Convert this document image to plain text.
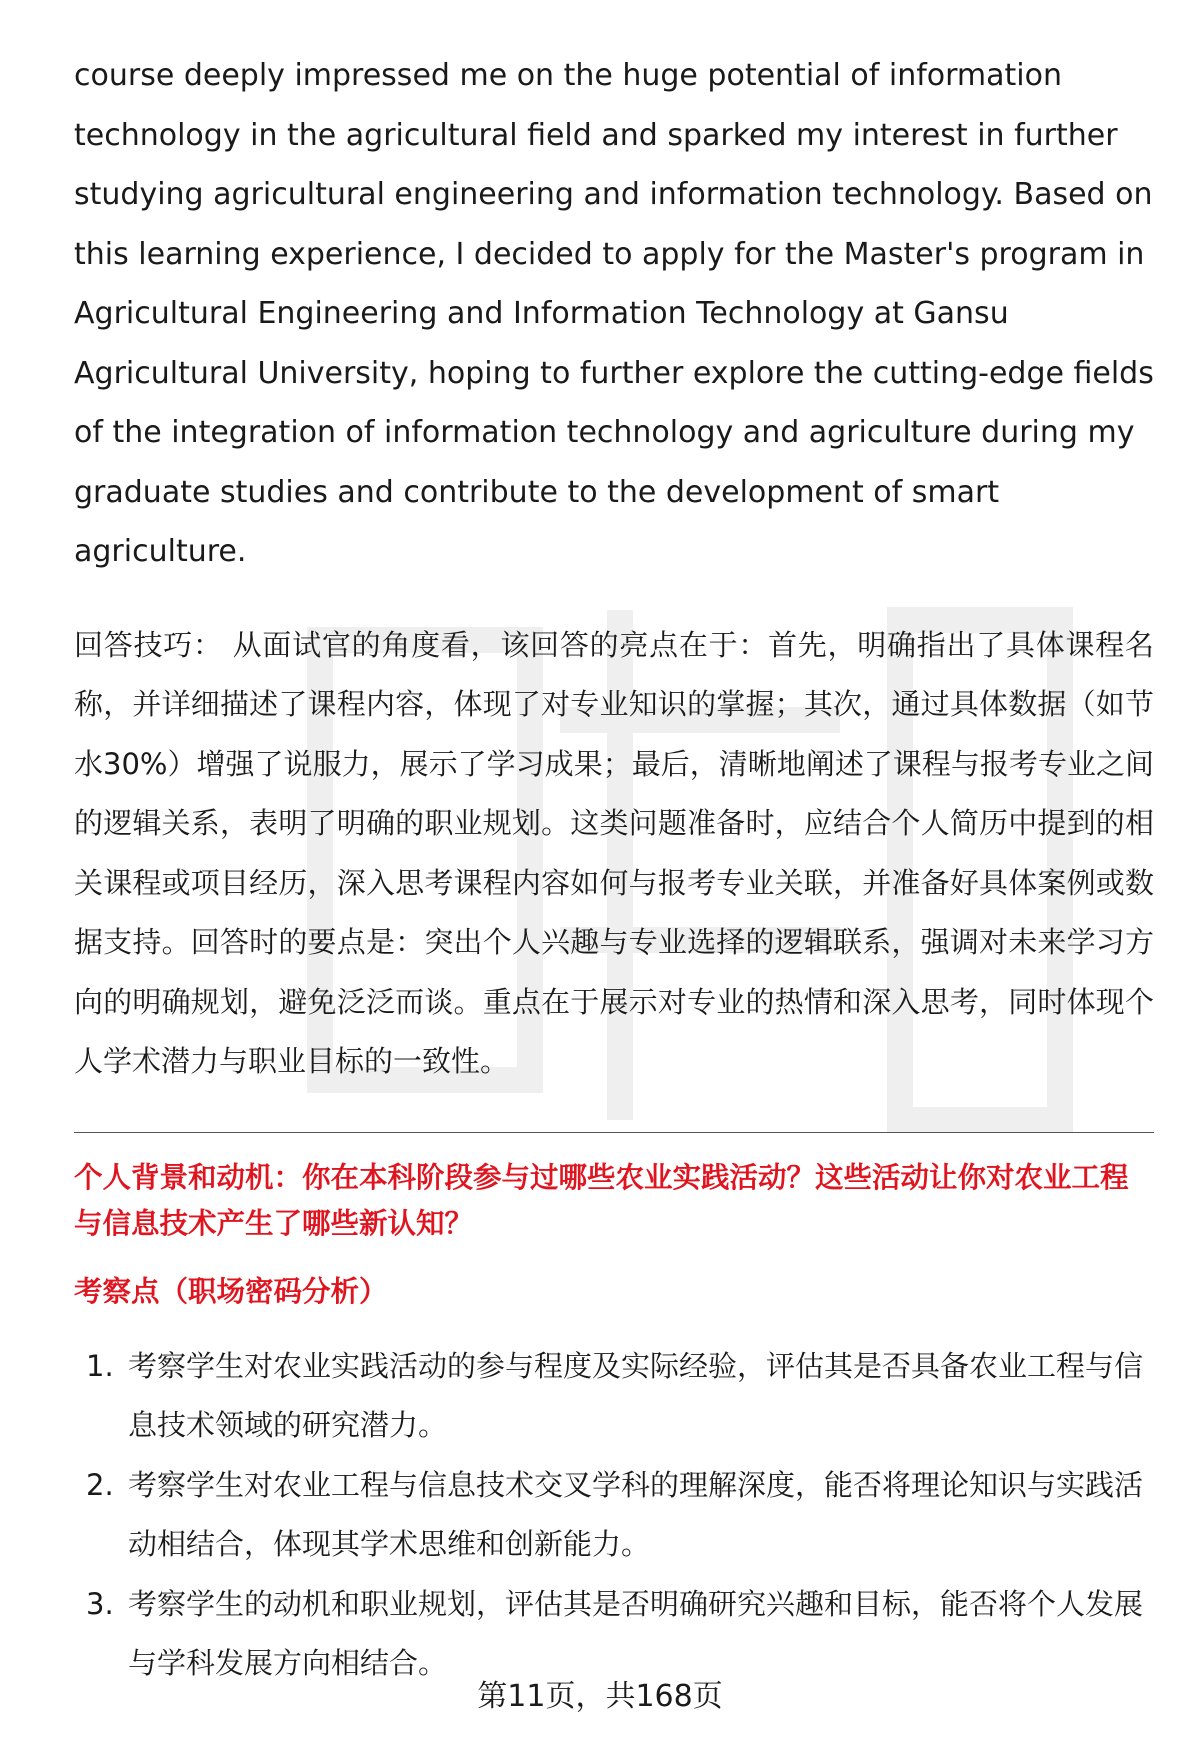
course deeply impressed me on the huge potential of information technology in the agricultural field and sparked my interest in further studying agricultural engineering and information technology. Based on this learning experience, I decided to apply for the Master's program in Agricultural Engineering and Information Technology at Gansu Agricultural University, hoping to further explore the cutting-edge fields of the integration of information technology and agriculture during my graduate studies and contribute to the development of smart agriculture.

回答技巧： 从面试官的角度看，该回答的亮点在于：首先，明确指出了具体课程名称，并详细描述了课程内容，体现了对专业知识的掌握；其次，通过具体数据（如节水30%）增强了说服力，展示了学习成果；最后，清晰地阐述了课程与报考专业之间的逻辑关系，表明了明确的职业规划。这类问题准备时，应结合个人简历中提到的相关课程或项目经历，深入思考课程内容如何与报考专业关联，并准备好具体案例或数据支持。回答时的要点是：突出个人兴趣与专业选择的逻辑联系，强调对未来学习方向的明确规划，避免泛泛而谈。重点在于展示对专业的热情和深入思考，同时体现个人学术潜力与职业目标的一致性。

个人背景和动机：你在本科阶段参与过哪些农业实践活动？这些活动让你对农业工程与信息技术产生了哪些新认知？
考察点（职场密码分析）
1. 考察学生对农业实践活动的参与程度及实际经验，评估其是否具备农业工程与信息技术领域的研究潜力。
2. 考察学生对农业工程与信息技术交叉学科的理解深度，能否将理论知识与实践活动相结合，体现其学术思维和创新能力。
3. 考察学生的动机和职业规划，评估其是否明确研究兴趣和目标，能否将个人发展与学科发展方向相结合。
第11页，共168页
